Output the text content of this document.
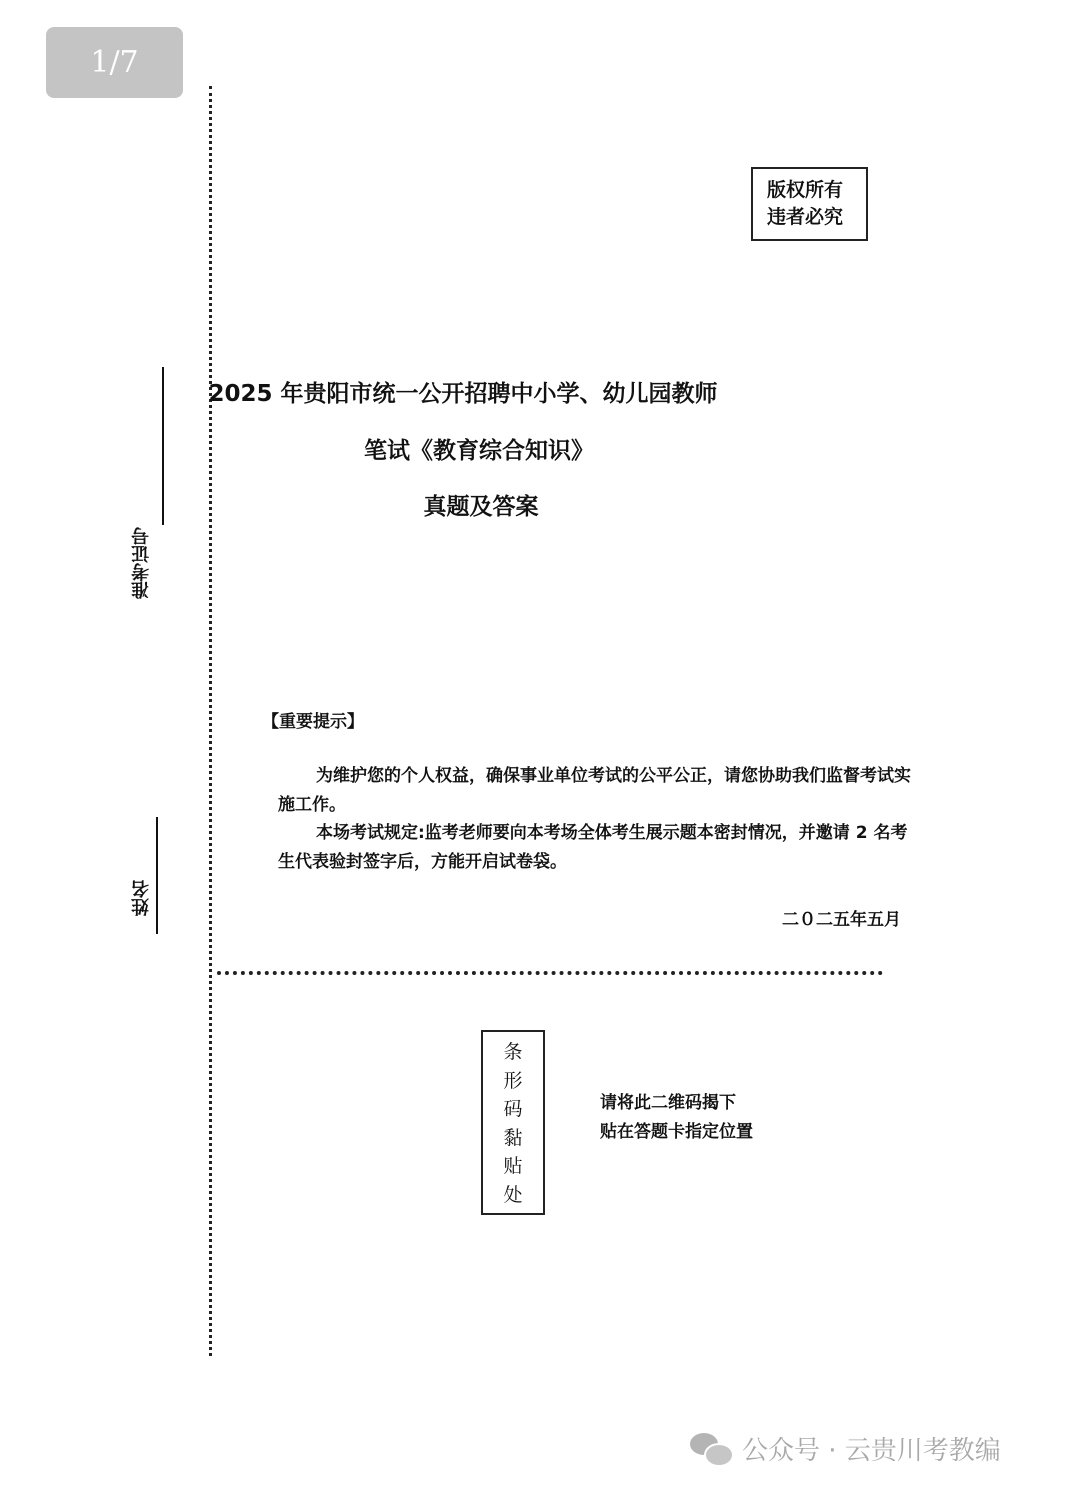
1/7
准考证号
姓名
版权所有
违者必究
2025 年贵阳市统一公开招聘中小学、幼儿园教师
笔试《教育综合知识》
真题及答案
【重要提示】
为维护您的个人权益，确保事业单位考试的公平公正，请您协助我们监督考试实施工作。
本场考试规定:监考老师要向本考场全体考生展示题本密封情况，并邀请 2 名考生代表验封签字后，方能开启试卷袋。
二０二五年五月
条
形
码
黏
贴
处
请将此二维码揭下
贴在答题卡指定位置
公众号 · 云贵川考教编
